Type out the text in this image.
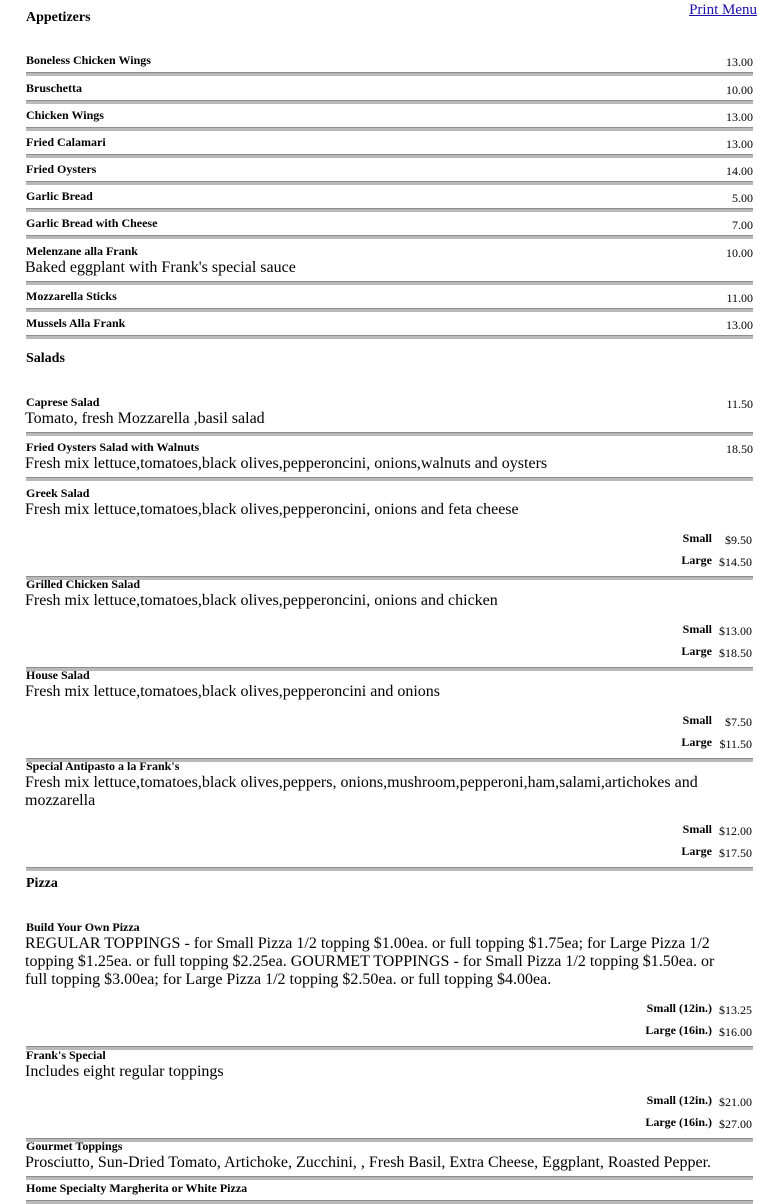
Print Menu
Appetizers
Boneless Chicken Wings	13.00
Bruschetta	10.00
Chicken Wings	13.00
Fried Calamari	13.00
Fried Oysters	14.00
Garlic Bread	5.00
Garlic Bread with Cheese	7.00
Melenzane alla Frank	10.00
Baked eggplant with Frank's special sauce
Mozzarella Sticks	11.00
Mussels Alla Frank	13.00
Salads
Caprese Salad	11.50
Tomato, fresh Mozzarella ,basil salad
Fried Oysters Salad with Walnuts	18.50
Fresh mix lettuce,tomatoes,black olives,pepperoncini, onions,walnuts and oysters
Greek Salad
Fresh mix lettuce,tomatoes,black olives,pepperoncini, onions and feta cheese
Small $9.50
Large $14.50
Grilled Chicken Salad
Fresh mix lettuce,tomatoes,black olives,pepperoncini, onions and chicken
Small $13.00
Large $18.50
House Salad
Fresh mix lettuce,tomatoes,black olives,pepperoncini and onions
Small $7.50
Large $11.50
Special Antipasto a la Frank's
Fresh mix lettuce,tomatoes,black olives,peppers, onions,mushroom,pepperoni,ham,salami,artichokes and mozzarella
Small $12.00
Large $17.50
Pizza
Build Your Own Pizza
REGULAR TOPPINGS - for Small Pizza 1/2 topping $1.00ea. or full topping $1.75ea; for Large Pizza 1/2 topping $1.25ea. or full topping $2.25ea. GOURMET TOPPINGS - for Small Pizza 1/2 topping $1.50ea. or full topping $3.00ea; for Large Pizza 1/2 topping $2.50ea. or full topping $4.00ea.
Small (12in.) $13.25
Large (16in.) $16.00
Frank's Special
Includes eight regular toppings
Small (12in.) $21.00
Large (16in.) $27.00
Gourmet Toppings
Prosciutto, Sun-Dried Tomato, Artichoke, Zucchini, , Fresh Basil, Extra Cheese, Eggplant, Roasted Pepper.
Home Specialty Margherita or White Pizza
